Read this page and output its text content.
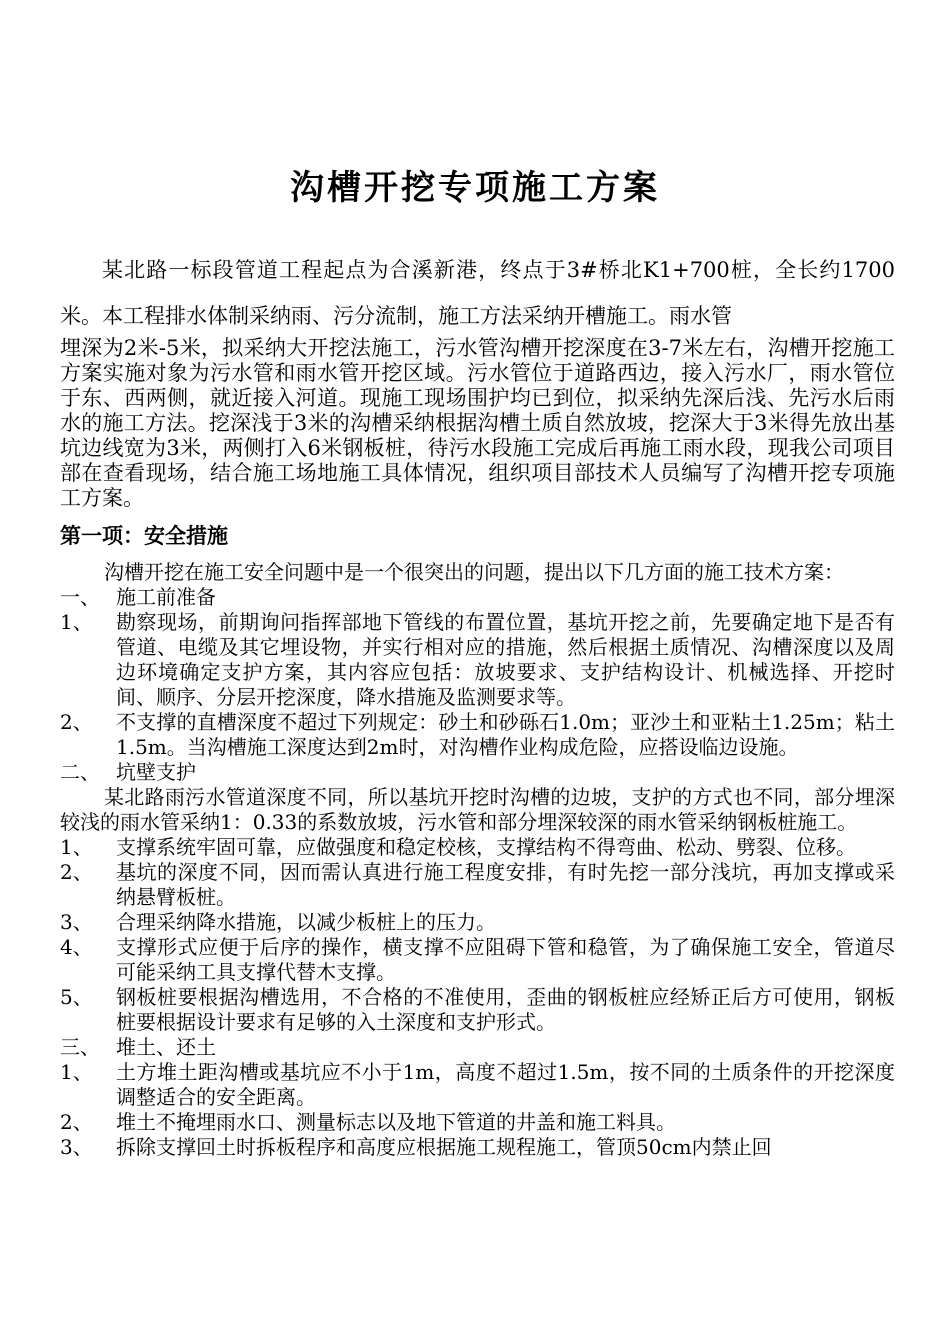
沟槽开挖专项施工方案

某北路一标段管道工程起点为合溪新港，终点于3#桥北K1+700桩，全长约1700米。本工程排水体制采纳雨、污分流制，施工方法采纳开槽施工。雨水管

埋深为2米-5米，拟采纳大开挖法施工，污水管沟槽开挖深度在3-7米左右，沟槽开挖施工方案实施对象为污水管和雨水管开挖区域。污水管位于道路西边，接入污水厂，雨水管位于东、西两侧，就近接入河道。现施工现场围护均已到位，拟采纳先深后浅、先污水后雨水的施工方法。挖深浅于3米的沟槽采纳根据沟槽土质自然放坡，挖深大于3米得先放出基坑边线宽为3米，两侧打入6米钢板桩，待污水段施工完成后再施工雨水段，现我公司项目部在查看现场，结合施工场地施工具体情况，组织项目部技术人员编写了沟槽开挖专项施工方案。

第一项：安全措施

沟槽开挖在施工安全问题中是一个很突出的问题，提出以下几方面的施工技术方案：

一、 施工前准备

1、	勘察现场，前期询问指挥部地下管线的布置位置，基坑开挖之前，先要确定地下是否有管道、电缆及其它埋设物，并实行相对应的措施，然后根据土质情况、沟槽深度以及周边环境确定支护方案，其内容应包括：放坡要求、支护结构设计、机械选择、开挖时间、顺序、分层开挖深度，降水措施及监测要求等。
2、	不支撑的直槽深度不超过下列规定：砂土和砂砾石1.0m；亚沙土和亚粘土1.25m；粘土 1.5m。当沟槽施工深度达到2m时，对沟槽作业构成危险，应搭设临边设施。

二、 坑壁支护

某北路雨污水管道深度不同，所以基坑开挖时沟槽的边坡，支护的方式也不同，部分埋深较浅的雨水管采纳1：0.33的系数放坡，污水管和部分埋深较深的雨水管采纳钢板桩施工。

1、	支撑系统牢固可靠，应做强度和稳定校核，支撑结构不得弯曲、松动、劈裂、位移。
2、	基坑的深度不同，因而需认真进行施工程度安排，有时先挖一部分浅坑，再加支撑或采纳悬臂板桩。
3、	合理采纳降水措施，以减少板桩上的压力。
4、	支撑形式应便于后序的操作，横支撑不应阻碍下管和稳管，为了确保施工安全，管道尽可能采纳工具支撑代替木支撑。
5、	钢板桩要根据沟槽选用，不合格的不准使用，歪曲的钢板桩应经矫正后方可使用，钢板桩要根据设计要求有足够的入土深度和支护形式。

三、 堆土、还土

1、	土方堆土距沟槽或基坑应不小于1m，高度不超过1.5m，按不同的土质条件的开挖深度调整适合的安全距离。
2、	堆土不掩埋雨水口、测量标志以及地下管道的井盖和施工料具。
3、	拆除支撑回土时拆板程序和高度应根据施工规程施工，管顶50cm内禁止回
